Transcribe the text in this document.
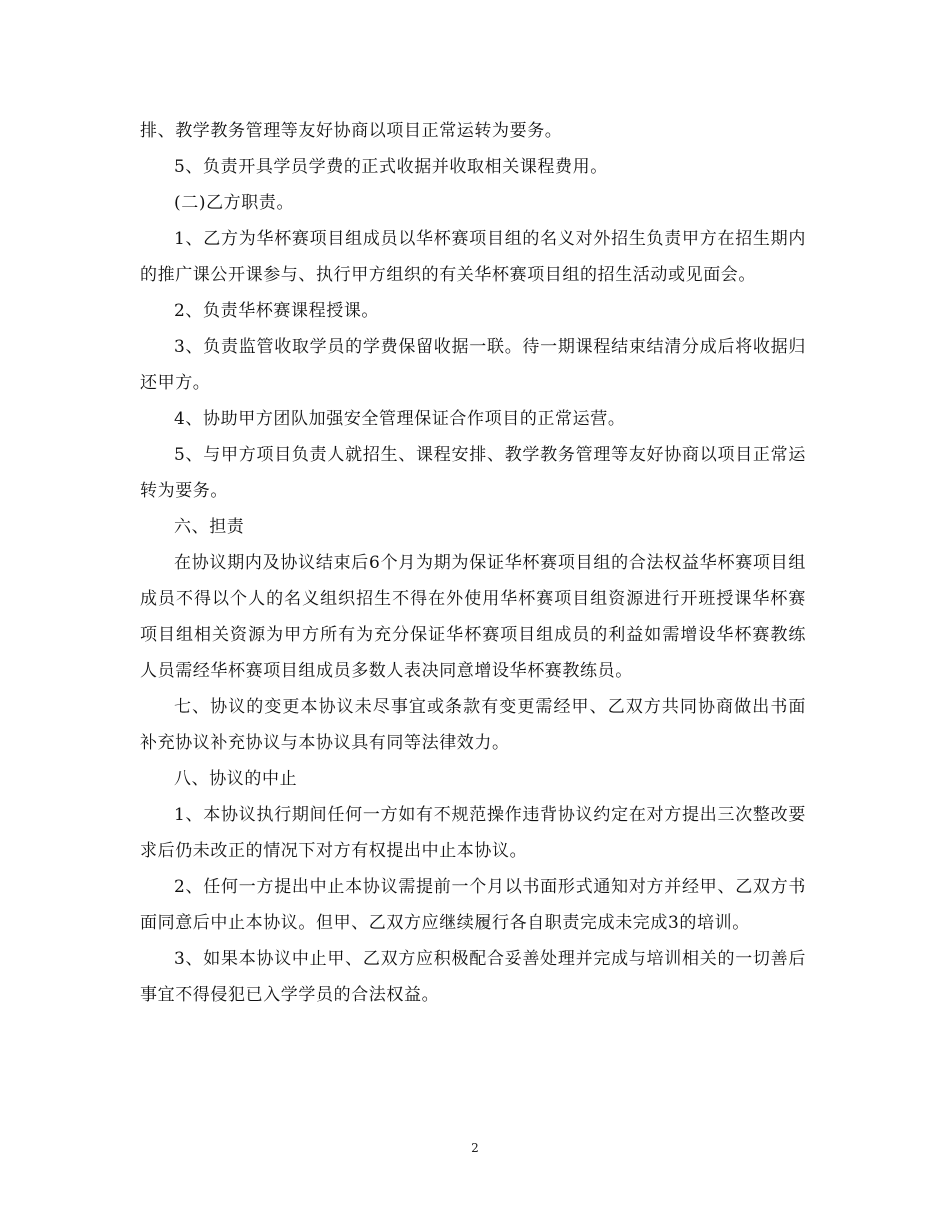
排、教学教务管理等友好协商以项目正常运转为要务。

5、负责开具学员学费的正式收据并收取相关课程费用。

(二)乙方职责。

1、乙方为华杯赛项目组成员以华杯赛项目组的名义对外招生负责甲方在招生期内的推广课公开课参与、执行甲方组织的有关华杯赛项目组的招生活动或见面会。

2、负责华杯赛课程授课。

3、负责监管收取学员的学费保留收据一联。待一期课程结束结清分成后将收据归还甲方。

4、协助甲方团队加强安全管理保证合作项目的正常运营。

5、与甲方项目负责人就招生、课程安排、教学教务管理等友好协商以项目正常运转为要务。

六、担责

在协议期内及协议结束后6个月为期为保证华杯赛项目组的合法权益华杯赛项目组成员不得以个人的名义组织招生不得在外使用华杯赛项目组资源进行开班授课华杯赛项目组相关资源为甲方所有为充分保证华杯赛项目组成员的利益如需增设华杯赛教练人员需经华杯赛项目组成员多数人表决同意增设华杯赛教练员。

七、协议的变更本协议未尽事宜或条款有变更需经甲、乙双方共同协商做出书面补充协议补充协议与本协议具有同等法律效力。

八、协议的中止

1、本协议执行期间任何一方如有不规范操作违背协议约定在对方提出三次整改要求后仍未改正的情况下对方有权提出中止本协议。

2、任何一方提出中止本协议需提前一个月以书面形式通知对方并经甲、乙双方书面同意后中止本协议。但甲、乙双方应继续履行各自职责完成未完成3的培训。

3、如果本协议中止甲、乙双方应积极配合妥善处理并完成与培训相关的一切善后事宜不得侵犯已入学学员的合法权益。

2
